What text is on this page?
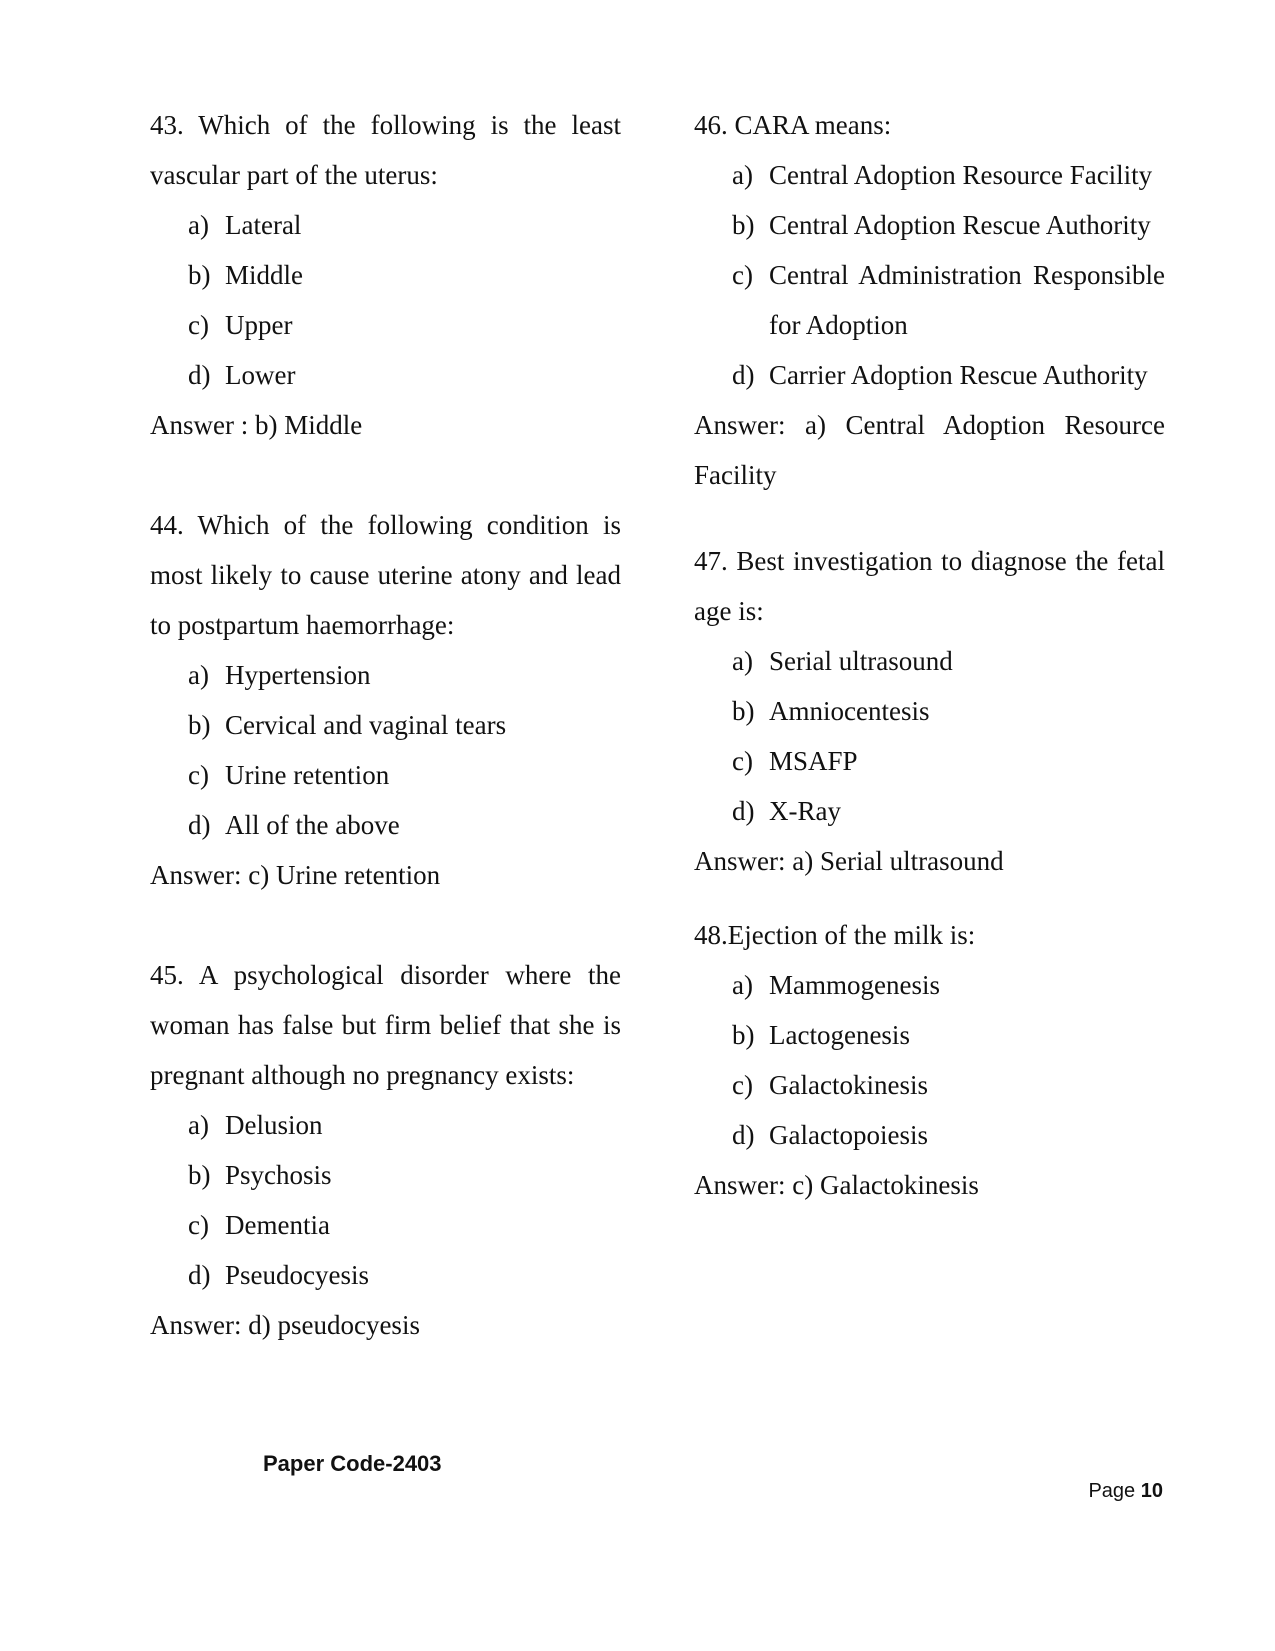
43. Which of the following is the least vascular part of the uterus:

a) Lateral
b) Middle
c) Upper
d) Lower

Answer : b) Middle

44. Which of the following condition is most likely to cause uterine atony and lead to postpartum haemorrhage:

a) Hypertension
b) Cervical and vaginal tears
c) Urine retention
d) All of the above

Answer: c) Urine retention

45. A psychological disorder where the woman has false but firm belief that she is pregnant although no pregnancy exists:

a) Delusion
b) Psychosis
c) Dementia
d) Pseudocyesis

Answer: d) pseudocyesis

46. CARA means:

a) Central Adoption Resource Facility
b) Central Adoption Rescue Authority
c) Central Administration Responsible for Adoption
d) Carrier Adoption Rescue Authority

Answer: a) Central Adoption Resource Facility

47. Best investigation to diagnose the fetal age is:

a) Serial ultrasound
b) Amniocentesis
c) MSAFP
d) X-Ray

Answer: a) Serial ultrasound

48.Ejection of the milk is:

a) Mammogenesis
b) Lactogenesis
c) Galactokinesis
d) Galactopoiesis

Answer: c) Galactokinesis

Paper Code-2403
Page 10
